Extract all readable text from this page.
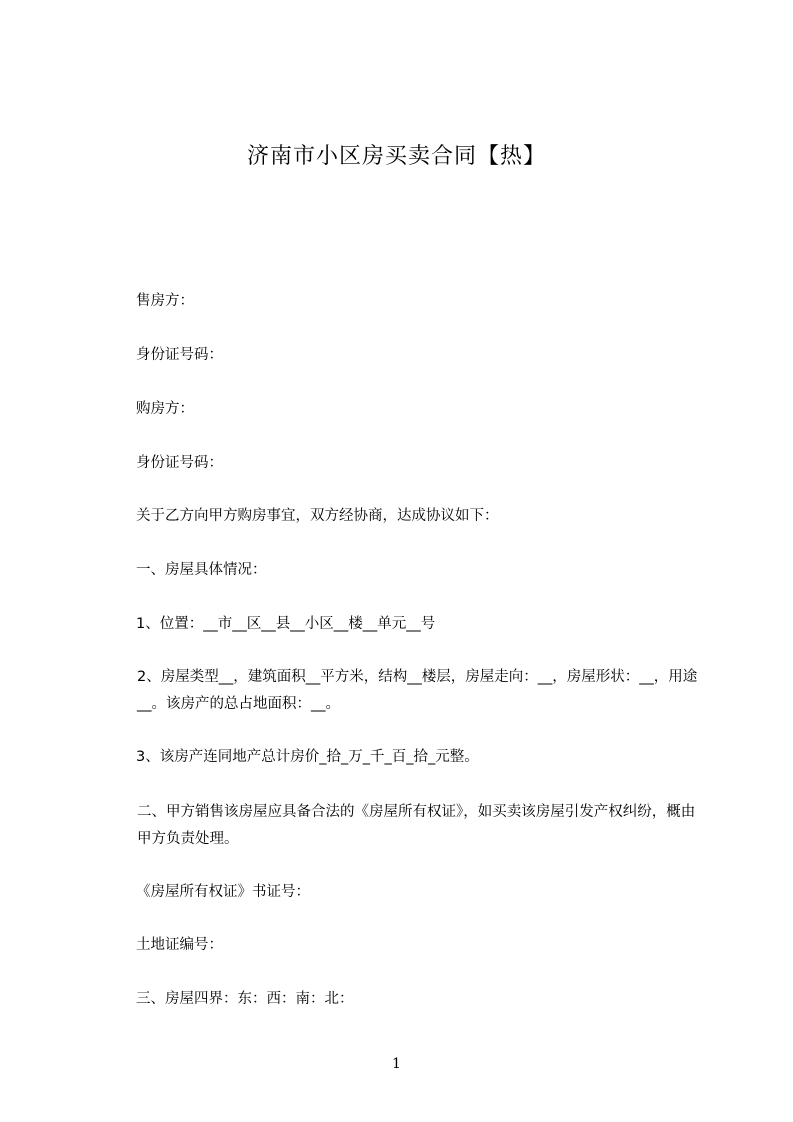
济南市小区房买卖合同【热】
售房方：
身份证号码：
购房方：
身份证号码：
关于乙方向甲方购房事宜，双方经协商，达成协议如下：
一、房屋具体情况：
1、位置：__市__区__县__小区__楼__单元__号
2、房屋类型__，建筑面积__平方米，结构__楼层，房屋走向：__，房屋形状：__，用途__。该房产的总占地面积：__。
3、该房产连同地产总计房价_拾_万_千_百_拾_元整。
二、甲方销售该房屋应具备合法的《房屋所有权证》，如买卖该房屋引发产权纠纷，概由甲方负责处理。
《房屋所有权证》书证号：
土地证编号：
三、房屋四界：东：西：南：北：
1
